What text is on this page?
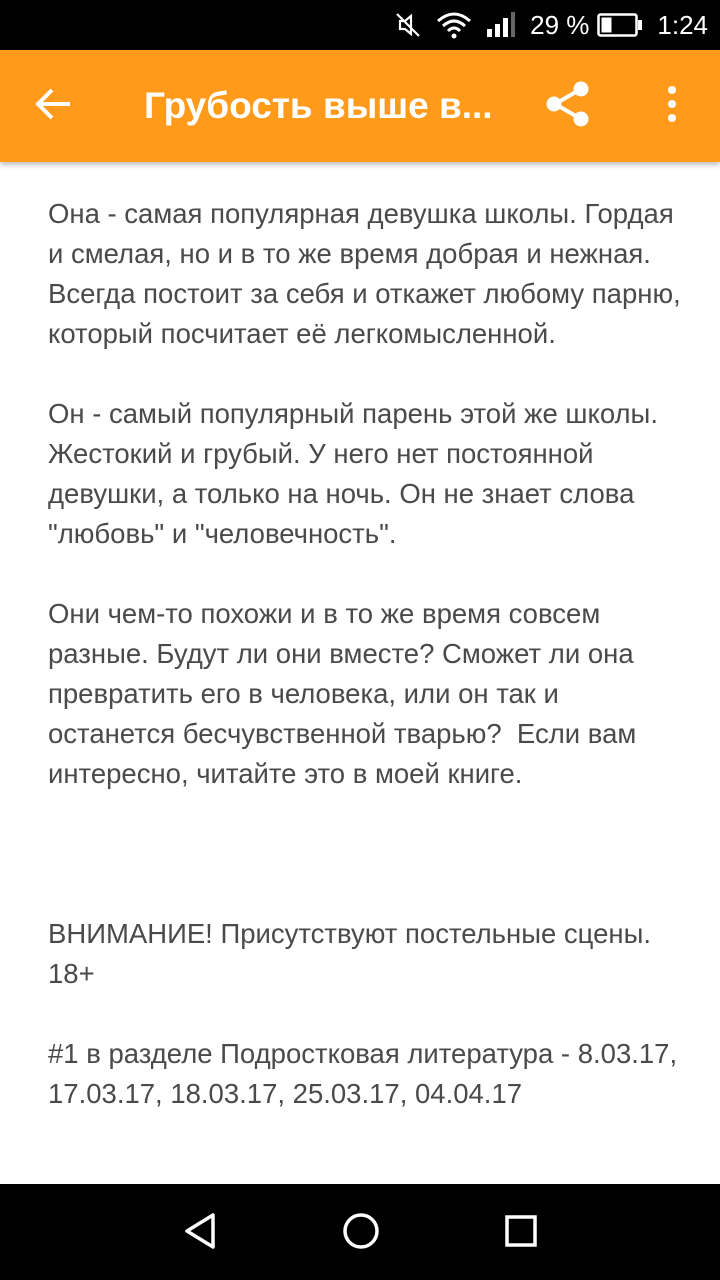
29 %	1:24
Грубость выше в...

Она - самая популярная девушка школы. Гордая и смелая, но и в то же время добрая и нежная.

Всегда постоит за себя и откажет любому парню, который посчитает её легкомысленной.

Он - самый популярный парень этой же школы. Жестокий и грубый. У него нет постоянной девушки, а только на ночь. Он не знает слова "любовь" и "человечность".

Они чем-то похожи и в то же время совсем разные. Будут ли они вместе? Сможет ли она превратить его в человека, или он так и останется бесчувственной тварью?  Если вам интересно, читайте это в моей книге.

ВНИМАНИЕ! Присутствуют постельные сцены. 18+

#1 в разделе Подростковая литература - 8.03.17, 17.03.17, 18.03.17, 25.03.17, 04.04.17
